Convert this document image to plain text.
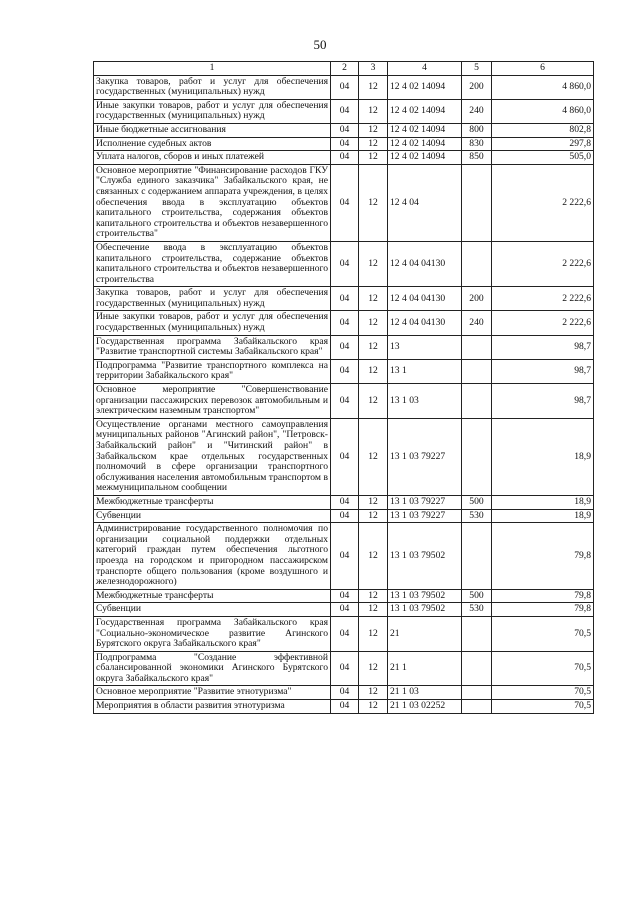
50
1	2	3	4	5	6
Закупка товаров, работ и услуг для обеспечения государственных (муниципальных) нужд	04	12	12 4 02 14094	200	4 860,0
Иные закупки товаров, работ и услуг для обеспечения государственных (муниципальных) нужд	04	12	12 4 02 14094	240	4 860,0
Иные бюджетные ассигнования	04	12	12 4 02 14094	800	802,8
Исполнение судебных актов	04	12	12 4 02 14094	830	297,8
Уплата налогов, сборов и иных платежей	04	12	12 4 02 14094	850	505,0
Основное мероприятие "Финансирование расходов ГКУ "Служба единого заказчика" Забайкальского края, не связанных с содержанием аппарата учреждения, в целях обеспечения ввода в эксплуатацию объектов капитального строительства, содержания объектов капитального строительства и объектов незавершенного строительства"	04	12	12 4 04		2 222,6
Обеспечение ввода в эксплуатацию объектов капитального строительства, содержание объектов капитального строительства и объектов незавершенного строительства	04	12	12 4 04 04130		2 222,6
Закупка товаров, работ и услуг для обеспечения государственных (муниципальных) нужд	04	12	12 4 04 04130	200	2 222,6
Иные закупки товаров, работ и услуг для обеспечения государственных (муниципальных) нужд	04	12	12 4 04 04130	240	2 222,6
Государственная программа Забайкальского края "Развитие транспортной системы Забайкальского края"	04	12	13		98,7
Подпрограмма "Развитие транспортного комплекса на территории Забайкальского края"	04	12	13 1		98,7
Основное мероприятие "Совершенствование организации пассажирских перевозок автомобильным и электрическим наземным транспортом"	04	12	13 1 03		98,7
Осуществление органами местного самоуправления муниципальных районов "Агинский район", "Петровск-Забайкальский район" и "Читинский район" в Забайкальском крае отдельных государственных полномочий в сфере организации транспортного обслуживания населения автомобильным транспортом в межмуниципальном сообщении	04	12	13 1 03 79227		18,9
Межбюджетные трансферты	04	12	13 1 03 79227	500	18,9
Субвенции	04	12	13 1 03 79227	530	18,9
Администрирование государственного полномочия по организации социальной поддержки отдельных категорий граждан путем обеспечения льготного проезда на городском и пригородном пассажирском транспорте общего пользования (кроме воздушного и железнодорожного)	04	12	13 1 03 79502		79,8
Межбюджетные трансферты	04	12	13 1 03 79502	500	79,8
Субвенции	04	12	13 1 03 79502	530	79,8
Государственная программа Забайкальского края "Социально-экономическое развитие Агинского Бурятского округа Забайкальского края"	04	12	21		70,5
Подпрограмма "Создание эффективной сбалансированной экономики Агинского Бурятского округа Забайкальского края"	04	12	21 1		70,5
Основное мероприятие "Развитие этнотуризма"	04	12	21 1 03		70,5
Мероприятия в области развития этнотуризма	04	12	21 1 03 02252		70,5
